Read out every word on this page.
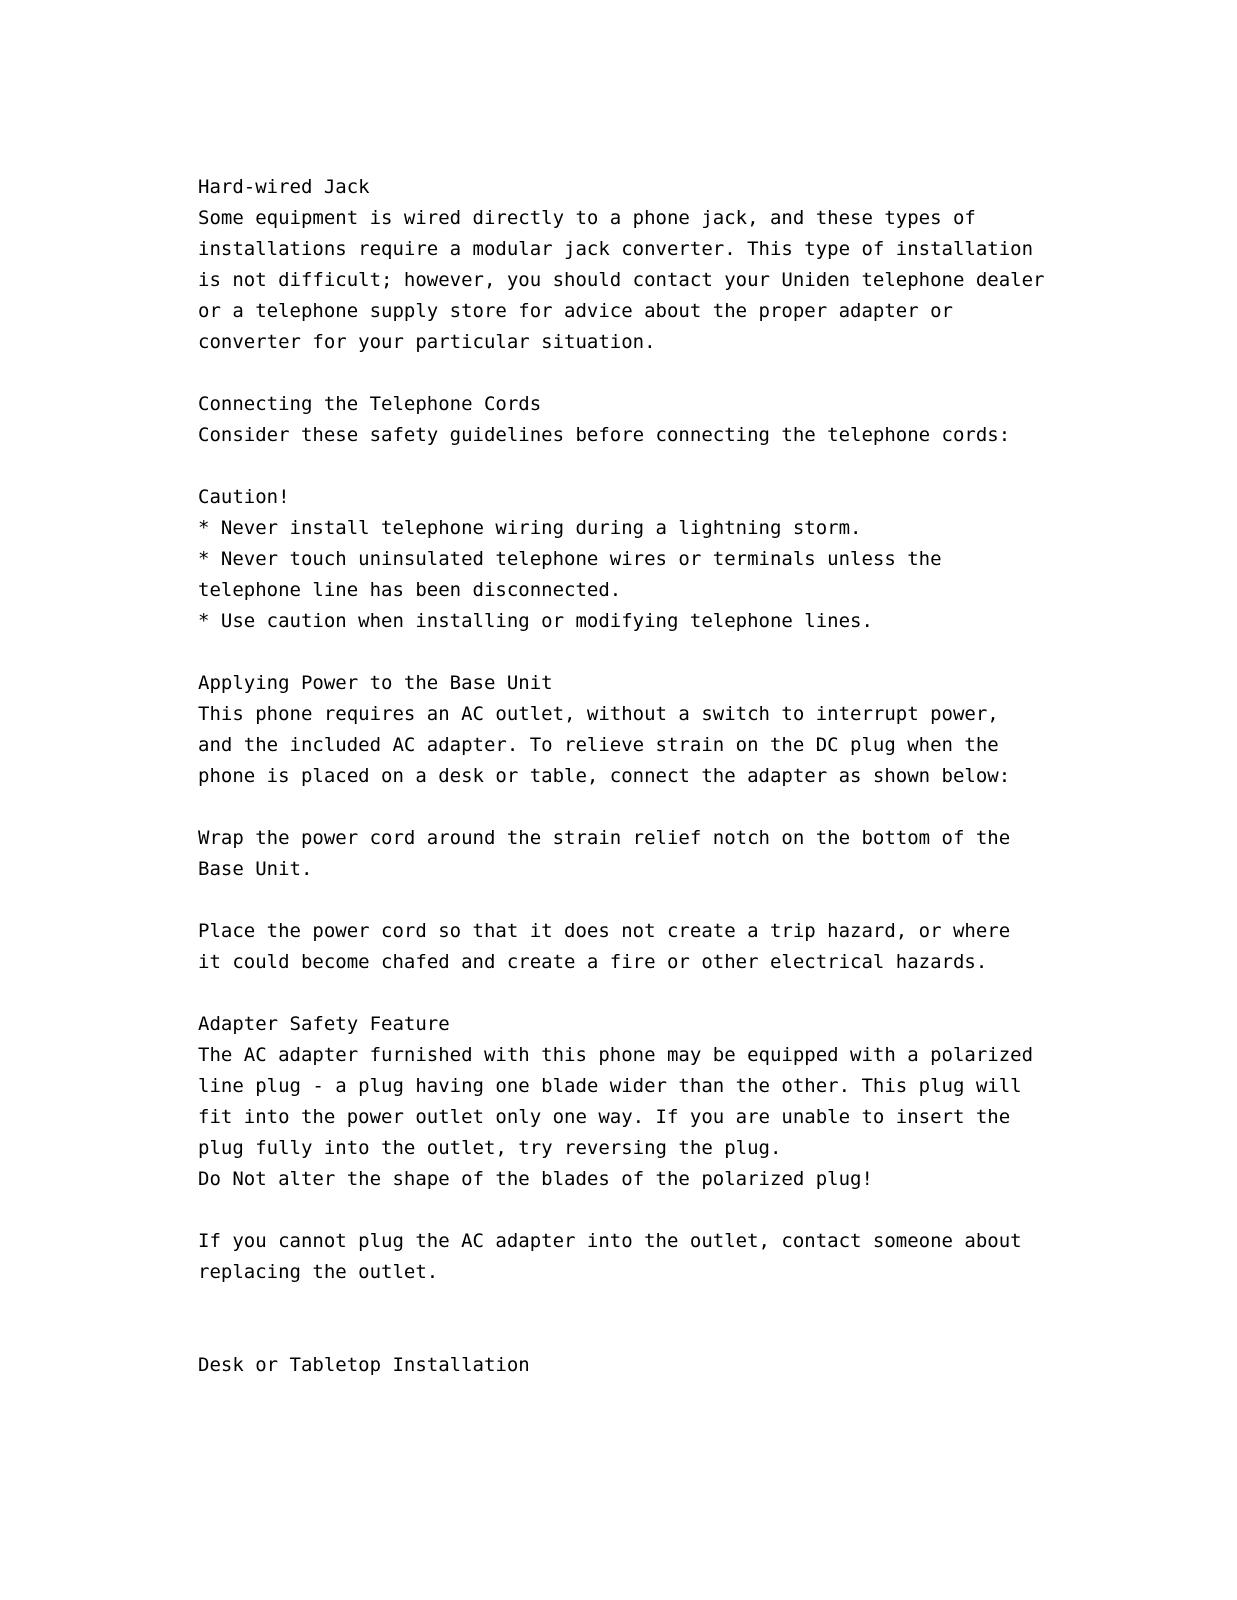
Hard-wired Jack
Some equipment is wired directly to a phone jack, and these types of
installations require a modular jack converter. This type of installation
is not difficult; however, you should contact your Uniden telephone dealer
or a telephone supply store for advice about the proper adapter or
converter for your particular situation.

Connecting the Telephone Cords
Consider these safety guidelines before connecting the telephone cords:

Caution!
* Never install telephone wiring during a lightning storm.
* Never touch uninsulated telephone wires or terminals unless the
telephone line has been disconnected.
* Use caution when installing or modifying telephone lines.

Applying Power to the Base Unit
This phone requires an AC outlet, without a switch to interrupt power,
and the included AC adapter. To relieve strain on the DC plug when the
phone is placed on a desk or table, connect the adapter as shown below:

Wrap the power cord around the strain relief notch on the bottom of the
Base Unit.

Place the power cord so that it does not create a trip hazard, or where
it could become chafed and create a fire or other electrical hazards.

Adapter Safety Feature
The AC adapter furnished with this phone may be equipped with a polarized
line plug - a plug having one blade wider than the other. This plug will
fit into the power outlet only one way. If you are unable to insert the
plug fully into the outlet, try reversing the plug.
Do Not alter the shape of the blades of the polarized plug!

If you cannot plug the AC adapter into the outlet, contact someone about
replacing the outlet.

Desk or Tabletop Installation
